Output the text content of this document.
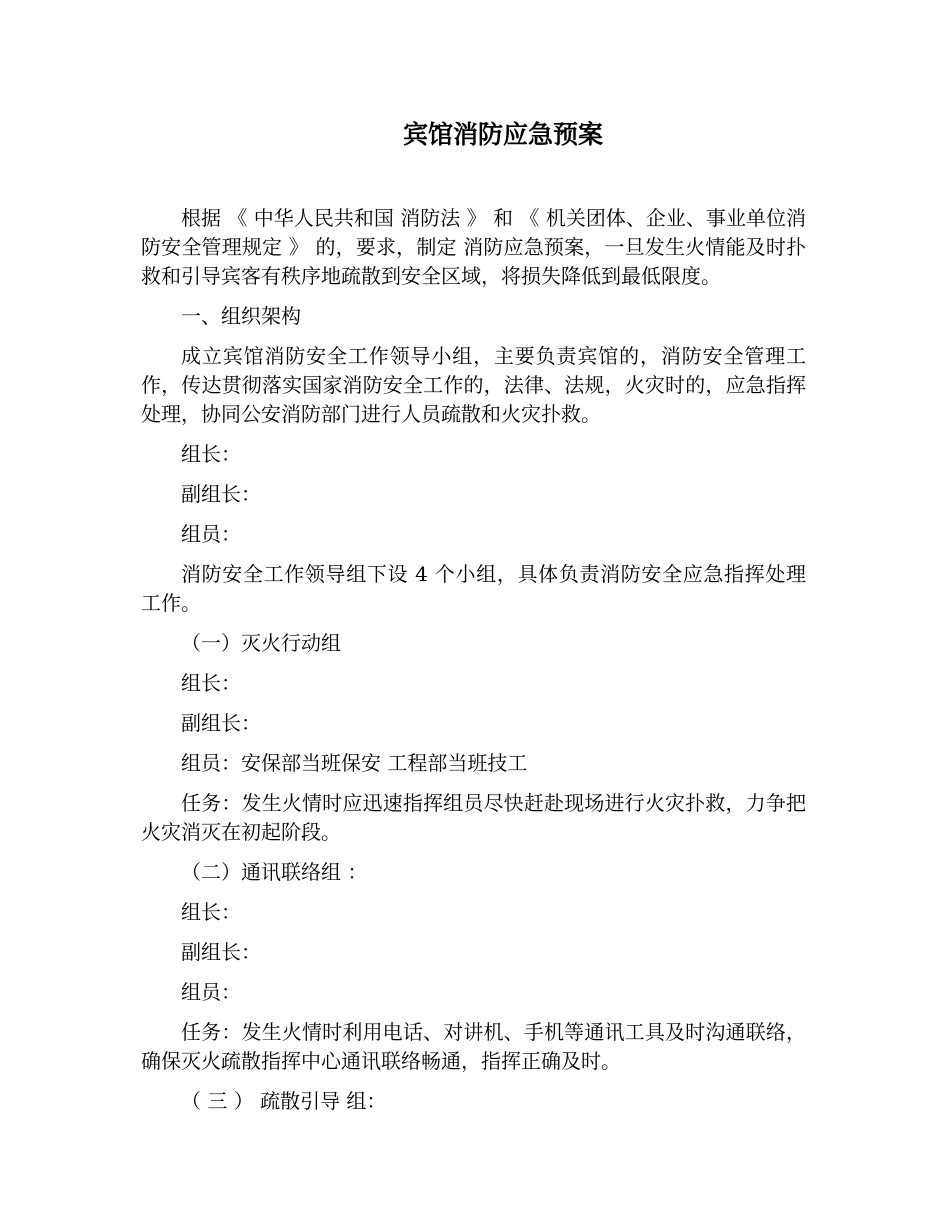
宾馆消防应急预案

根据 《 中华人民共和国 消防法 》 和 《 机关团体、企业、事业单位消防安全管理规定 》 的，要求，制定 消防应急预案，一旦发生火情能及时扑救和引导宾客有秩序地疏散到安全区域，将损失降低到最低限度。

一、组织架构

成立宾馆消防安全工作领导小组，主要负责宾馆的，消防安全管理工作，传达贯彻落实国家消防安全工作的，法律、法规，火灾时的，应急指挥处理，协同公安消防部门进行人员疏散和火灾扑救。

组长：

副组长：

组员：

消防安全工作领导组下设 4 个小组，具体负责消防安全应急指挥处理工作。

（一）灭火行动组

组长：

副组长：

组员：安保部当班保安 工程部当班技工

任务：发生火情时应迅速指挥组员尽快赶赴现场进行火灾扑救，力争把火灾消灭在初起阶段。

（二）通讯联络组 ：

组长：

副组长：

组员：

任务：发生火情时利用电话、对讲机、手机等通讯工具及时沟通联络，确保灭火疏散指挥中心通讯联络畅通，指挥正确及时。

（ 三 ） 疏散引导 组：
